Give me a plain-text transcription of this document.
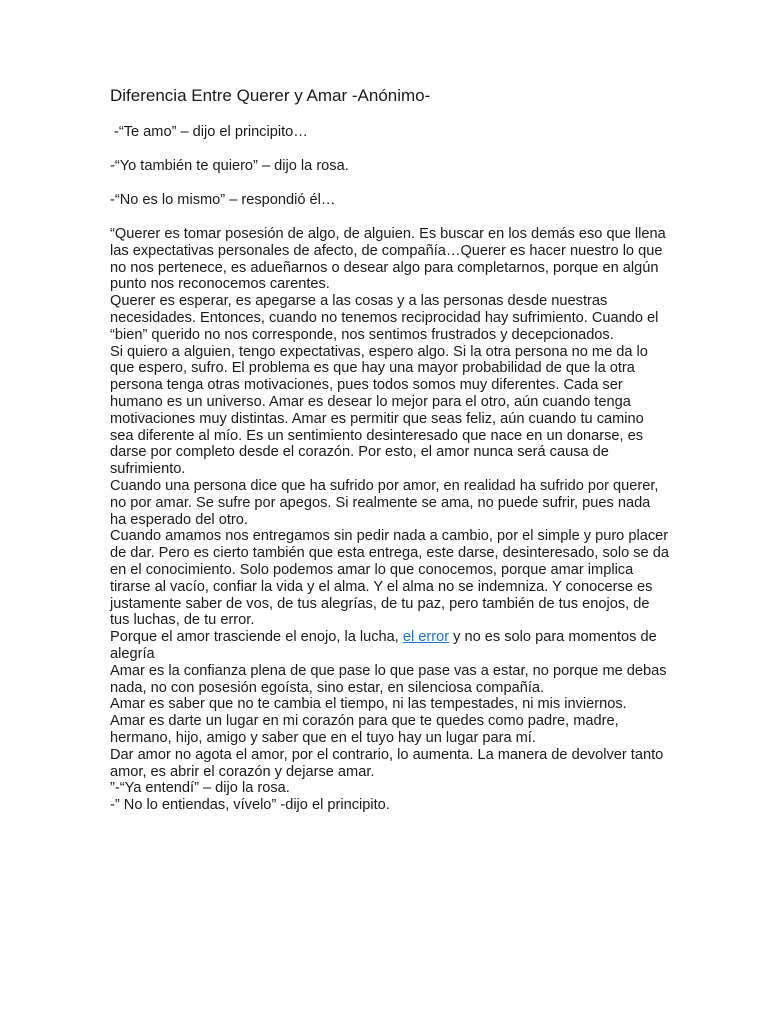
Diferencia Entre Querer y Amar -Anónimo-

-“Te amo” – dijo el principito…

-“Yo también te quiero” – dijo la rosa.

-“No es lo mismo” – respondió él…

“Querer es tomar posesión de algo, de alguien. Es buscar en los demás eso que llena las expectativas personales de afecto, de compañía…Querer es hacer nuestro lo que no nos pertenece, es adueñarnos o desear algo para completarnos, porque en algún punto nos reconocemos carentes.
Querer es esperar, es apegarse a las cosas y a las personas desde nuestras necesidades. Entonces, cuando no tenemos reciprocidad hay sufrimiento. Cuando el “bien” querido no nos corresponde, nos sentimos frustrados y decepcionados.
Si quiero a alguien, tengo expectativas, espero algo. Si la otra persona no me da lo que espero, sufro. El problema es que hay una mayor probabilidad de que la otra persona tenga otras motivaciones, pues todos somos muy diferentes. Cada ser humano es un universo. Amar es desear lo mejor para el otro, aún cuando tenga motivaciones muy distintas. Amar es permitir que seas feliz, aún cuando tu camino sea diferente al mío. Es un sentimiento desinteresado que nace en un donarse, es darse por completo desde el corazón. Por esto, el amor nunca será causa de sufrimiento.
Cuando una persona dice que ha sufrido por amor, en realidad ha sufrido por querer, no por amar. Se sufre por apegos. Si realmente se ama, no puede sufrir, pues nada ha esperado del otro.
Cuando amamos nos entregamos sin pedir nada a cambio, por el simple y puro placer de dar. Pero es cierto también que esta entrega, este darse, desinteresado, solo se da en el conocimiento. Solo podemos amar lo que conocemos, porque amar implica tirarse al vacío, confiar la vida y el alma. Y el alma no se indemniza. Y conocerse es justamente saber de vos, de tus alegrías, de tu paz, pero también de tus enojos, de tus luchas, de tu error.
Porque el amor trasciende el enojo, la lucha, el error y no es solo para momentos de alegría
Amar es la confianza plena de que pase lo que pase vas a estar, no porque me debas nada, no con posesión egoísta, sino estar, en silenciosa compañía.
Amar es saber que no te cambia el tiempo, ni las tempestades, ni mis inviernos.
Amar es darte un lugar en mi corazón para que te quedes como padre, madre, hermano, hijo, amigo y saber que en el tuyo hay un lugar para mí.
Dar amor no agota el amor, por el contrario, lo aumenta. La manera de devolver tanto amor, es abrir el corazón y dejarse amar.
”-“Ya entendí” – dijo la rosa.
-” No lo entiendas, vívelo” -dijo el principito.
